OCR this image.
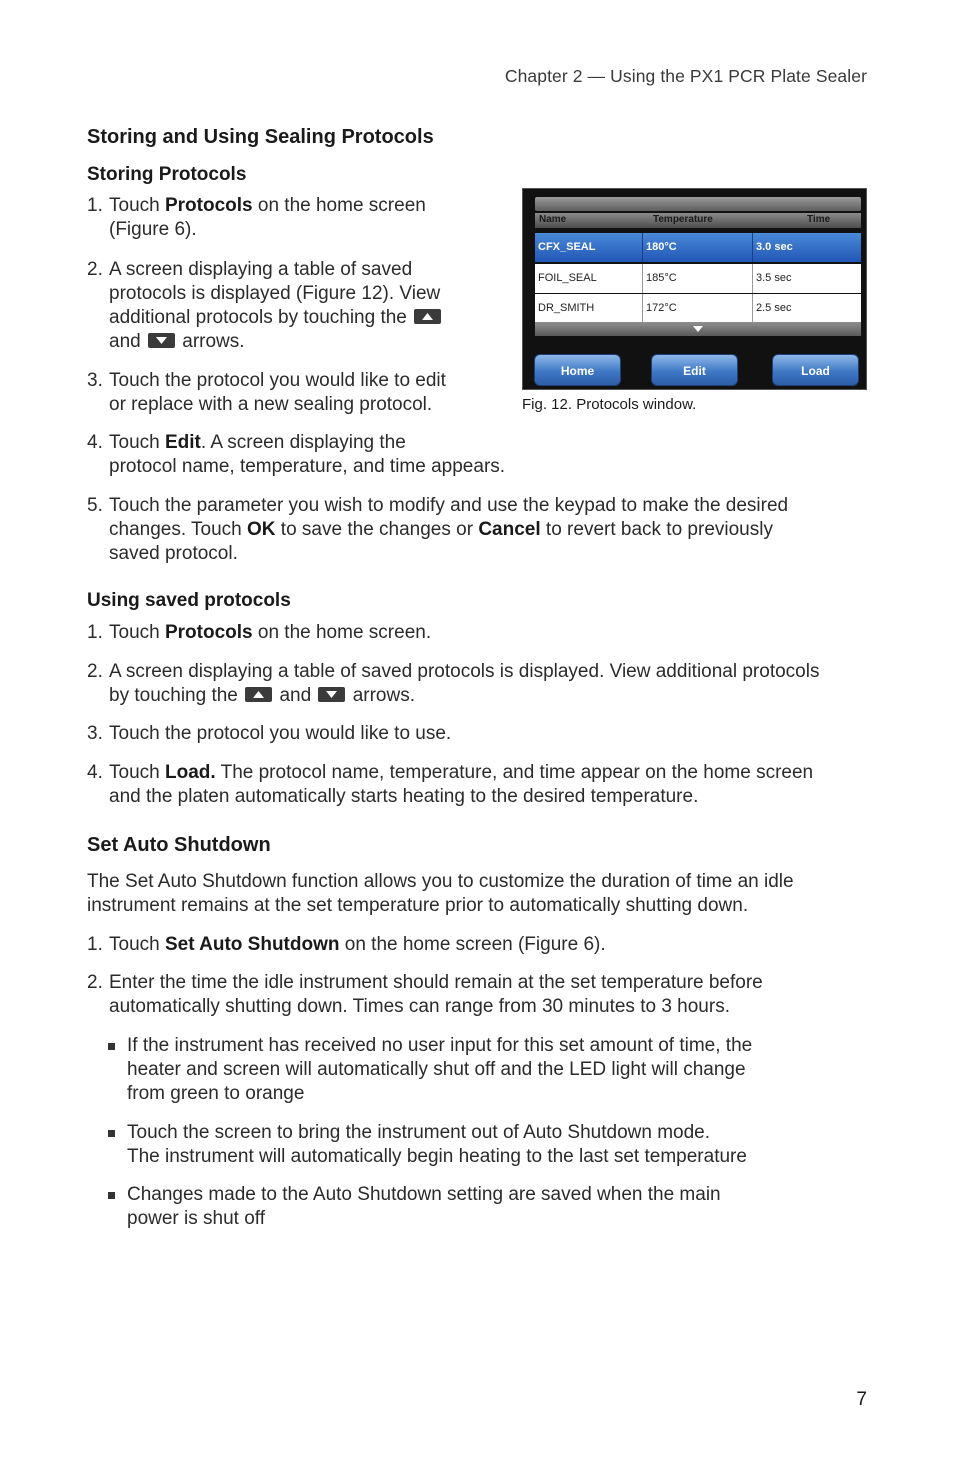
Chapter 2 — Using the PX1 PCR Plate Sealer
Storing and Using Sealing Protocols
Storing Protocols
1. Touch Protocols on the home screen
(Figure 6).
2. A screen displaying a table of saved
protocols is displayed (Figure 12). View
additional protocols by touching the

and arrows.
3. Touch the protocol you would like to edit
or replace with a new sealing protocol.
4. Touch Edit. A screen displaying the
protocol name, temperature, and time appears.
5. Touch the parameter you wish to modify and use the keypad to make the desired
changes. Touch OK to save the changes or Cancel to revert back to previously
saved protocol.
Using saved protocols
1. Touch Protocols on the home screen.
2. A screen displaying a table of saved protocols is displayed. View additional protocols
by touching the and arrows.
3. Touch the protocol you would like to use.
4. Touch Load. The protocol name, temperature, and time appear on the home screen
and the platen automatically starts heating to the desired temperature.
Set Auto Shutdown
The Set Auto Shutdown function allows you to customize the duration of time an idle
instrument remains at the set temperature prior to automatically shutting down.
1. Touch Set Auto Shutdown on the home screen (Figure 6).
2. Enter the time the idle instrument should remain at the set temperature before
automatically shutting down. Times can range from 30 minutes to 3 hours.
If the instrument has received no user input for this set amount of time, the
heater and screen will automatically shut off and the LED light will change
from green to orange
Touch the screen to bring the instrument out of Auto Shutdown mode.
The instrument will automatically begin heating to the last set temperature
Changes made to the Auto Shutdown setting are saved when the main
power is shut off
Name	Temperature	Time
CFX_SEAL	180°C	3.0 sec
FOIL_SEAL	185°C	3.5 sec
DR_SMITH	172°C	2.5 sec
Home	Edit	Load
Fig. 12. Protocols window.
7
